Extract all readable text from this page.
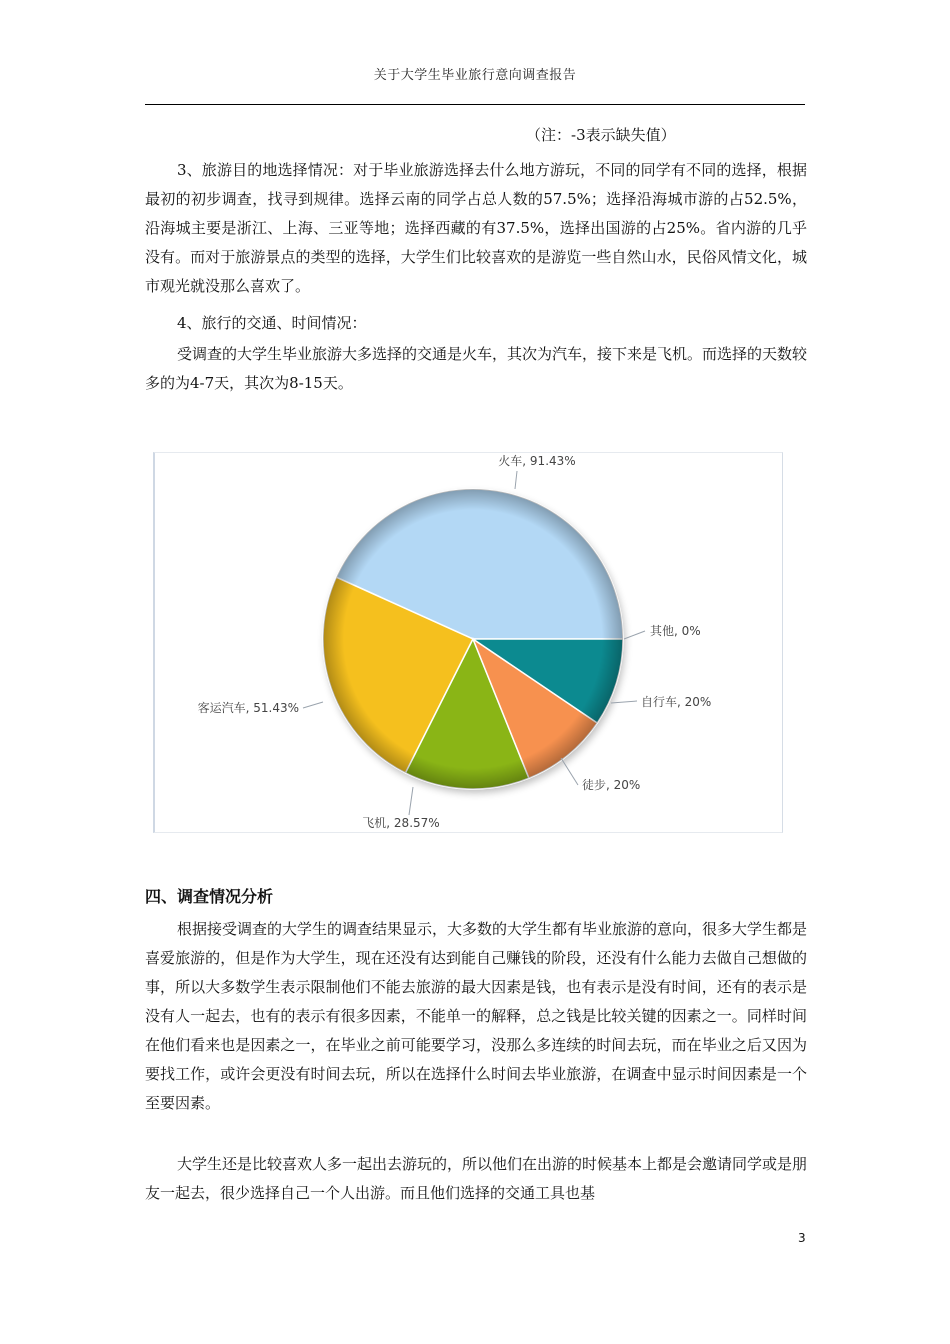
关于大学生毕业旅行意向调查报告
（注：-3表示缺失值）
3、旅游目的地选择情况：对于毕业旅游选择去什么地方游玩，不同的同学有不同的选择，根据最初的初步调查，找寻到规律。选择云南的同学占总人数的57.5%；选择沿海城市游的占52.5%，沿海城主要是浙江、上海、三亚等地；选择西藏的有37.5%，选择出国游的占25%。省内游的几乎没有。而对于旅游景点的类型的选择，大学生们比较喜欢的是游览一些自然山水，民俗风情文化，城市观光就没那么喜欢了。
4、旅行的交通、时间情况：
受调查的大学生毕业旅游大多选择的交通是火车，其次为汽车，接下来是飞机。而选择的天数较多的为4-7天，其次为8-15天。
火车, 91.43%
客运汽车, 51.43%
飞机, 28.57%
徒步, 20%
自行车, 20%
其他, 0%
四、调查情况分析
根据接受调查的大学生的调查结果显示，大多数的大学生都有毕业旅游的意向，很多大学生都是喜爱旅游的，但是作为大学生，现在还没有达到能自己赚钱的阶段，还没有什么能力去做自己想做的事，所以大多数学生表示限制他们不能去旅游的最大因素是钱，也有表示是没有时间，还有的表示是没有人一起去，也有的表示有很多因素，不能单一的解释，总之钱是比较关键的因素之一。同样时间在他们看来也是因素之一，在毕业之前可能要学习，没那么多连续的时间去玩，而在毕业之后又因为要找工作，或许会更没有时间去玩，所以在选择什么时间去毕业旅游，在调查中显示时间因素是一个至要因素。
大学生还是比较喜欢人多一起出去游玩的，所以他们在出游的时候基本上都是会邀请同学或是朋友一起去，很少选择自己一个人出游。而且他们选择的交通工具也基
3
